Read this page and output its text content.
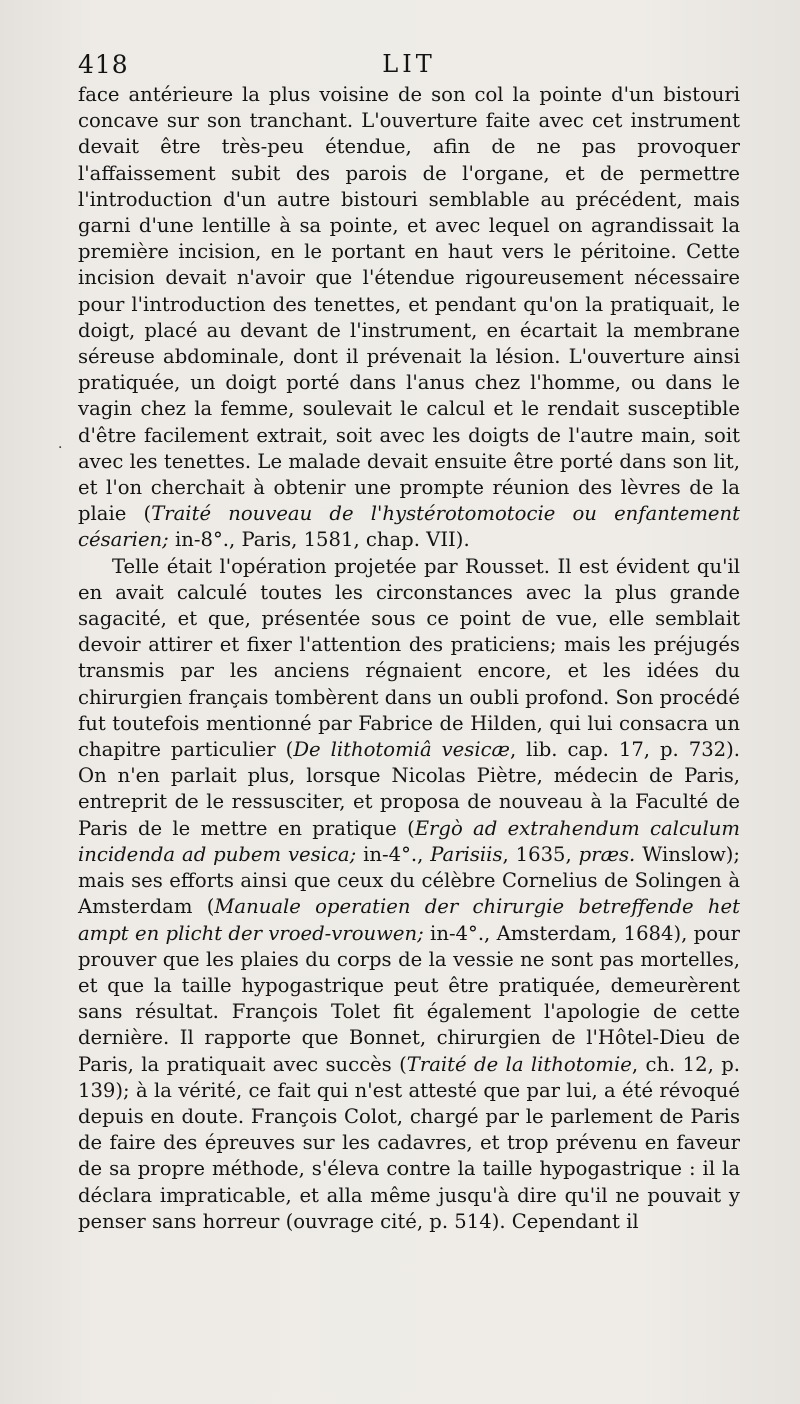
418	LIT
·

face antérieure la plus voisine de son col la pointe d'un bistouri concave sur son tranchant. L'ouverture faite avec cet instrument devait être très-peu étendue, afin de ne pas provoquer l'affaissement subit des parois de l'organe, et de permettre l'introduction d'un autre bistouri semblable au précédent, mais garni d'une lentille à sa pointe, et avec lequel on agrandissait la première incision, en le portant en haut vers le péritoine. Cette incision devait n'avoir que l'étendue rigoureusement nécessaire pour l'introduction des tenettes, et pendant qu'on la pratiquait, le doigt, placé au devant de l'instrument, en écartait la membrane séreuse abdominale, dont il prévenait la lésion. L'ouverture ainsi pratiquée, un doigt porté dans l'anus chez l'homme, ou dans le vagin chez la femme, soulevait le calcul et le rendait susceptible d'être facilement extrait, soit avec les doigts de l'autre main, soit avec les tenettes. Le malade devait ensuite être porté dans son lit, et l'on cherchait à obtenir une prompte réunion des lèvres de la plaie (Traité nouveau de l'hystérotomotocie ou enfantement césarien; in-8°., Paris, 1581, chap. VII).

Telle était l'opération projetée par Rousset. Il est évident qu'il en avait calculé toutes les circonstances avec la plus grande sagacité, et que, présentée sous ce point de vue, elle semblait devoir attirer et fixer l'attention des praticiens; mais les préjugés transmis par les anciens régnaient encore, et les idées du chirurgien français tombèrent dans un oubli profond. Son procédé fut toutefois mentionné par Fabrice de Hilden, qui lui consacra un chapitre particulier (De lithotomiâ vesicæ, lib. cap. 17, p. 732). On n'en parlait plus, lorsque Nicolas Piètre, médecin de Paris, entreprit de le ressusciter, et proposa de nouveau à la Faculté de Paris de le mettre en pratique (Ergò ad extrahendum calculum incidenda ad pubem vesica; in-4°., Parisiis, 1635, præs. Winslow); mais ses efforts ainsi que ceux du célèbre Cornelius de Solingen à Amsterdam (Manuale operatien der chirurgie betreffende het ampt en plicht der vroed-vrouwen; in-4°., Amsterdam, 1684), pour prouver que les plaies du corps de la vessie ne sont pas mortelles, et que la taille hypogastrique peut être pratiquée, demeurèrent sans résultat. François Tolet fit également l'apologie de cette dernière. Il rapporte que Bonnet, chirurgien de l'Hôtel-Dieu de Paris, la pratiquait avec succès (Traité de la lithotomie, ch. 12, p. 139); à la vérité, ce fait qui n'est attesté que par lui, a été révoqué depuis en doute. François Colot, chargé par le parlement de Paris de faire des épreuves sur les cadavres, et trop prévenu en faveur de sa propre méthode, s'éleva contre la taille hypogastrique : il la déclara impraticable, et alla même jusqu'à dire qu'il ne pouvait y penser sans horreur (ouvrage cité, p. 514). Cependant il
